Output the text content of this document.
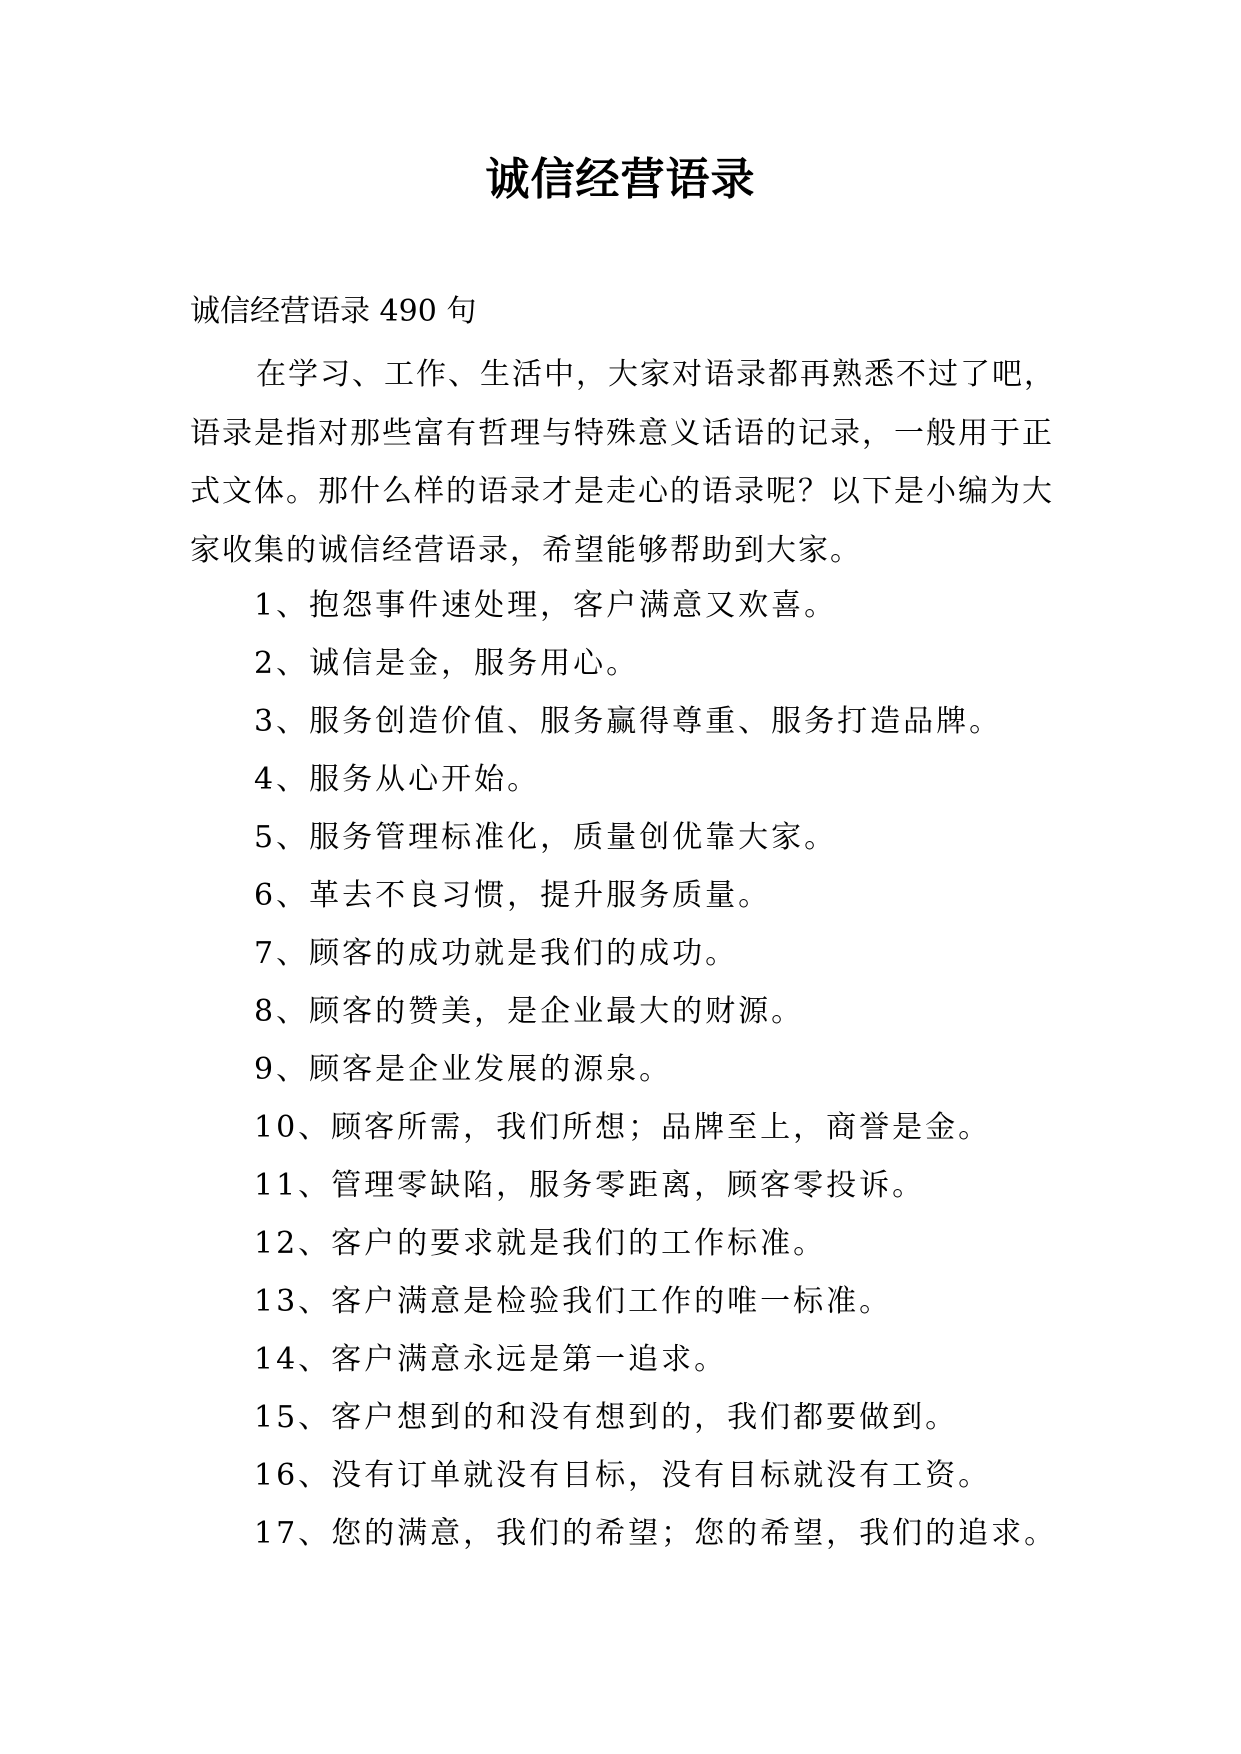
诚信经营语录
诚信经营语录 490 句

在学习、工作、生活中，大家对语录都再熟悉不过了吧，语录是指对那些富有哲理与特殊意义话语的记录，一般用于正式文体。那什么样的语录才是走心的语录呢？以下是小编为大家收集的诚信经营语录，希望能够帮助到大家。

1、抱怨事件速处理，客户满意又欢喜。
2、诚信是金，服务用心。
3、服务创造价值、服务赢得尊重、服务打造品牌。
4、服务从心开始。
5、服务管理标准化，质量创优靠大家。
6、革去不良习惯，提升服务质量。
7、顾客的成功就是我们的成功。
8、顾客的赞美，是企业最大的财源。
9、顾客是企业发展的源泉。
10、顾客所需，我们所想；品牌至上，商誉是金。
11、管理零缺陷，服务零距离，顾客零投诉。
12、客户的要求就是我们的工作标准。
13、客户满意是检验我们工作的唯一标准。
14、客户满意永远是第一追求。
15、客户想到的和没有想到的，我们都要做到。
16、没有订单就没有目标，没有目标就没有工资。
17、您的满意，我们的希望；您的希望，我们的追求。
